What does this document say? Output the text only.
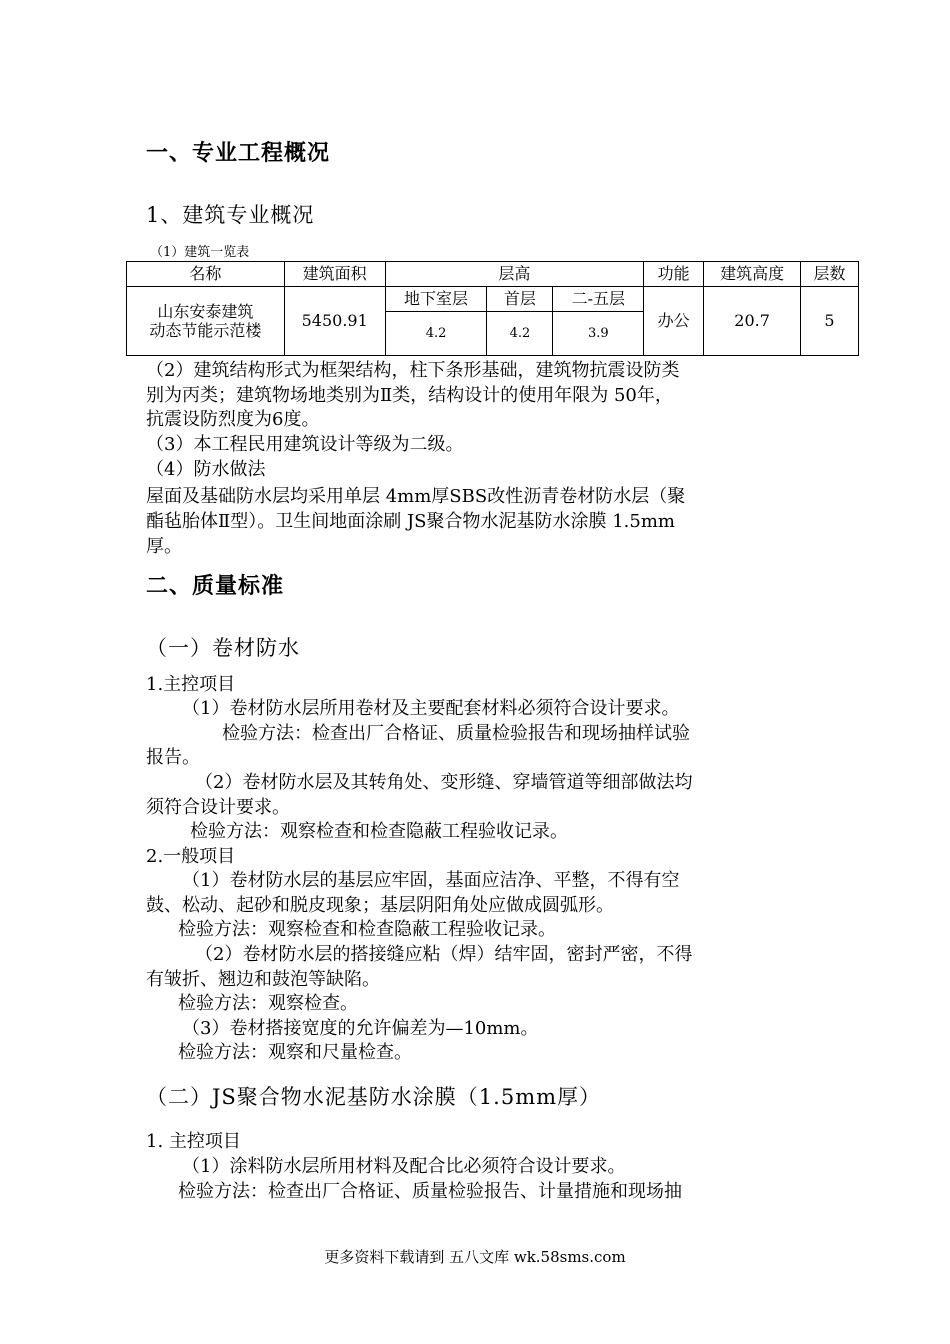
一、专业工程概况
1、建筑专业概况
（1）建筑一览表
名称	建筑面积	层高			功能	建筑高度	层数

山东安泰建筑
动态节能示范楼	5450.91	地下室层	首层	二-五层	办公	20.7	5
		4.2	4.2	3.9			
（2）建筑结构形式为框架结构，柱下条形基础，建筑物抗震设防类
别为丙类；建筑物场地类别为Ⅱ类，结构设计的使用年限为 50年，
抗震设防烈度为6度。
（3）本工程民用建筑设计等级为二级。
（4）防水做法
屋面及基础防水层均采用单层 4mm厚SBS改性沥青卷材防水层（聚
酯毡胎体Ⅱ型）。卫生间地面涂刷 JS聚合物水泥基防水涂膜 1.5mm
厚。
二、质量标准
（一）卷材防水
1.主控项目
（1）卷材防水层所用卷材及主要配套材料必须符合设计要求。
检验方法：检查出厂合格证、质量检验报告和现场抽样试验
报告。
（2）卷材防水层及其转角处、变形缝、穿墙管道等细部做法均
须符合设计要求。
检验方法：观察检查和检查隐蔽工程验收记录。
2.一般项目
（1）卷材防水层的基层应牢固，基面应洁净、平整，不得有空
鼓、松动、起砂和脱皮现象；基层阴阳角处应做成圆弧形。
检验方法：观察检查和检查隐蔽工程验收记录。
（2）卷材防水层的搭接缝应粘（焊）结牢固，密封严密，不得
有皱折、翘边和鼓泡等缺陷。
检验方法：观察检查。
（3）卷材搭接宽度的允许偏差为—10mm。
检验方法：观察和尺量检查。
（二）JS聚合物水泥基防水涂膜（1.5mm厚）
1. 主控项目
（1）涂料防水层所用材料及配合比必须符合设计要求。
检验方法：检查出厂合格证、质量检验报告、计量措施和现场抽
更多资料下载请到 五八文库 wk.58sms.com
